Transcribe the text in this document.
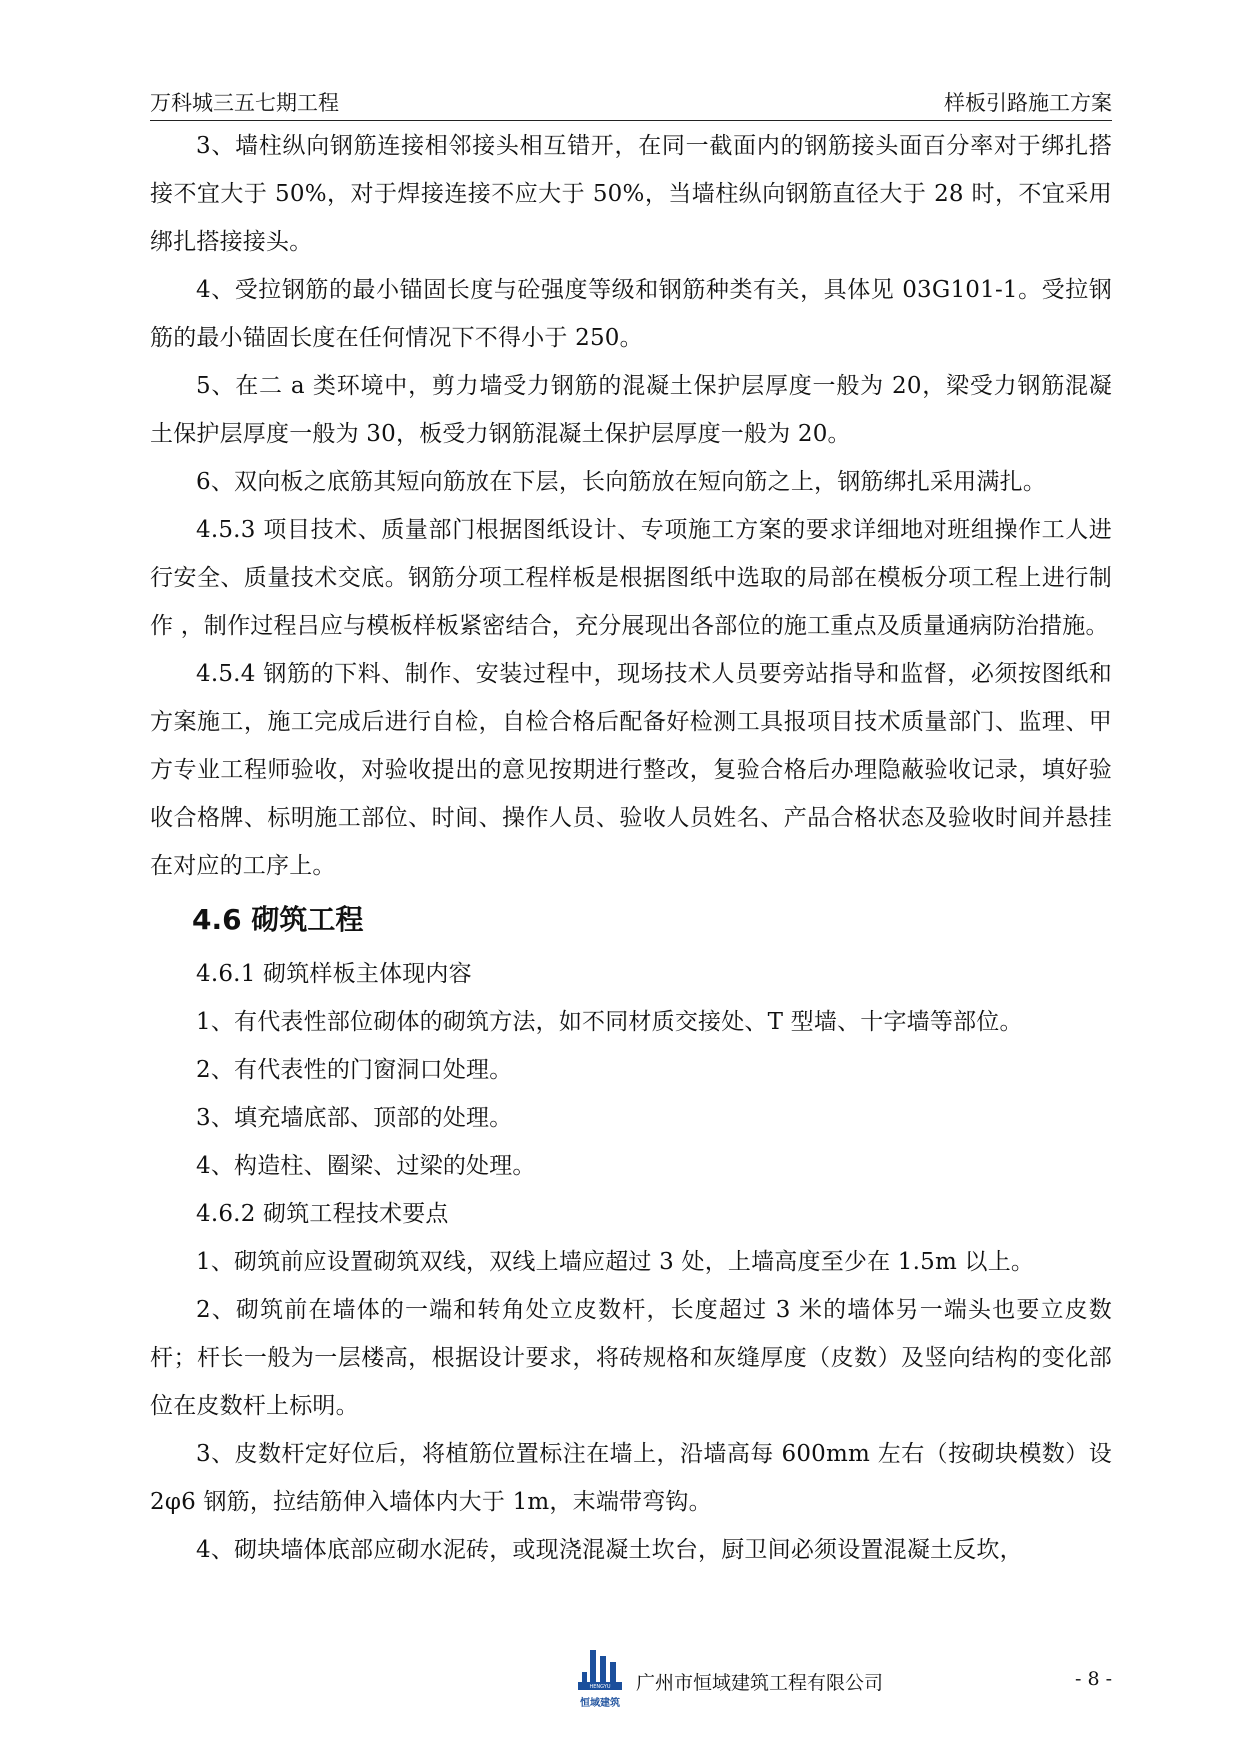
万科城三五七期工程	样板引路施工方案

3、墙柱纵向钢筋连接相邻接头相互错开，在同一截面内的钢筋接头面百分率对于绑扎搭接不宜大于 50%，对于焊接连接不应大于 50%，当墙柱纵向钢筋直径大于 28 时，不宜采用绑扎搭接接头。

4、受拉钢筋的最小锚固长度与砼强度等级和钢筋种类有关，具体见 03G101-1。受拉钢筋的最小锚固长度在任何情况下不得小于 250。

5、在二 a 类环境中，剪力墙受力钢筋的混凝土保护层厚度一般为 20，梁受力钢筋混凝土保护层厚度一般为 30，板受力钢筋混凝土保护层厚度一般为 20。

6、双向板之底筋其短向筋放在下层，长向筋放在短向筋之上，钢筋绑扎采用满扎。

4.5.3 项目技术、质量部门根据图纸设计、专项施工方案的要求详细地对班组操作工人进行安全、质量技术交底。钢筋分项工程样板是根据图纸中选取的局部在模板分项工程上进行制作 ，制作过程吕应与模板样板紧密结合，充分展现出各部位的施工重点及质量通病防治措施。

4.5.4 钢筋的下料、制作、安装过程中，现场技术人员要旁站指导和监督，必须按图纸和方案施工，施工完成后进行自检，自检合格后配备好检测工具报项目技术质量部门、监理、甲方专业工程师验收，对验收提出的意见按期进行整改，复验合格后办理隐蔽验收记录，填好验收合格牌、标明施工部位、时间、操作人员、验收人员姓名、产品合格状态及验收时间并悬挂在对应的工序上。

4.6 砌筑工程

4.6.1 砌筑样板主体现内容

1、有代表性部位砌体的砌筑方法，如不同材质交接处、T 型墙、十字墙等部位。

2、有代表性的门窗洞口处理。

3、填充墙底部、顶部的处理。

4、构造柱、圈梁、过梁的处理。

4.6.2 砌筑工程技术要点

1、砌筑前应设置砌筑双线，双线上墙应超过 3 处，上墙高度至少在 1.5m 以上。

2、砌筑前在墙体的一端和转角处立皮数杆，长度超过 3 米的墙体另一端头也要立皮数杆；杆长一般为一层楼高，根据设计要求，将砖规格和灰缝厚度（皮数）及竖向结构的变化部位在皮数杆上标明。

3、皮数杆定好位后，将植筋位置标注在墙上，沿墙高每 600mm 左右（按砌块模数）设 2φ6 钢筋，拉结筋伸入墙体内大于 1m，末端带弯钩。

4、砌块墙体底部应砌水泥砖，或现浇混凝土坎台，厨卫间必须设置混凝土反坎，

HENGYU
恒域建筑
广州市恒域建筑工程有限公司	- 8 -
